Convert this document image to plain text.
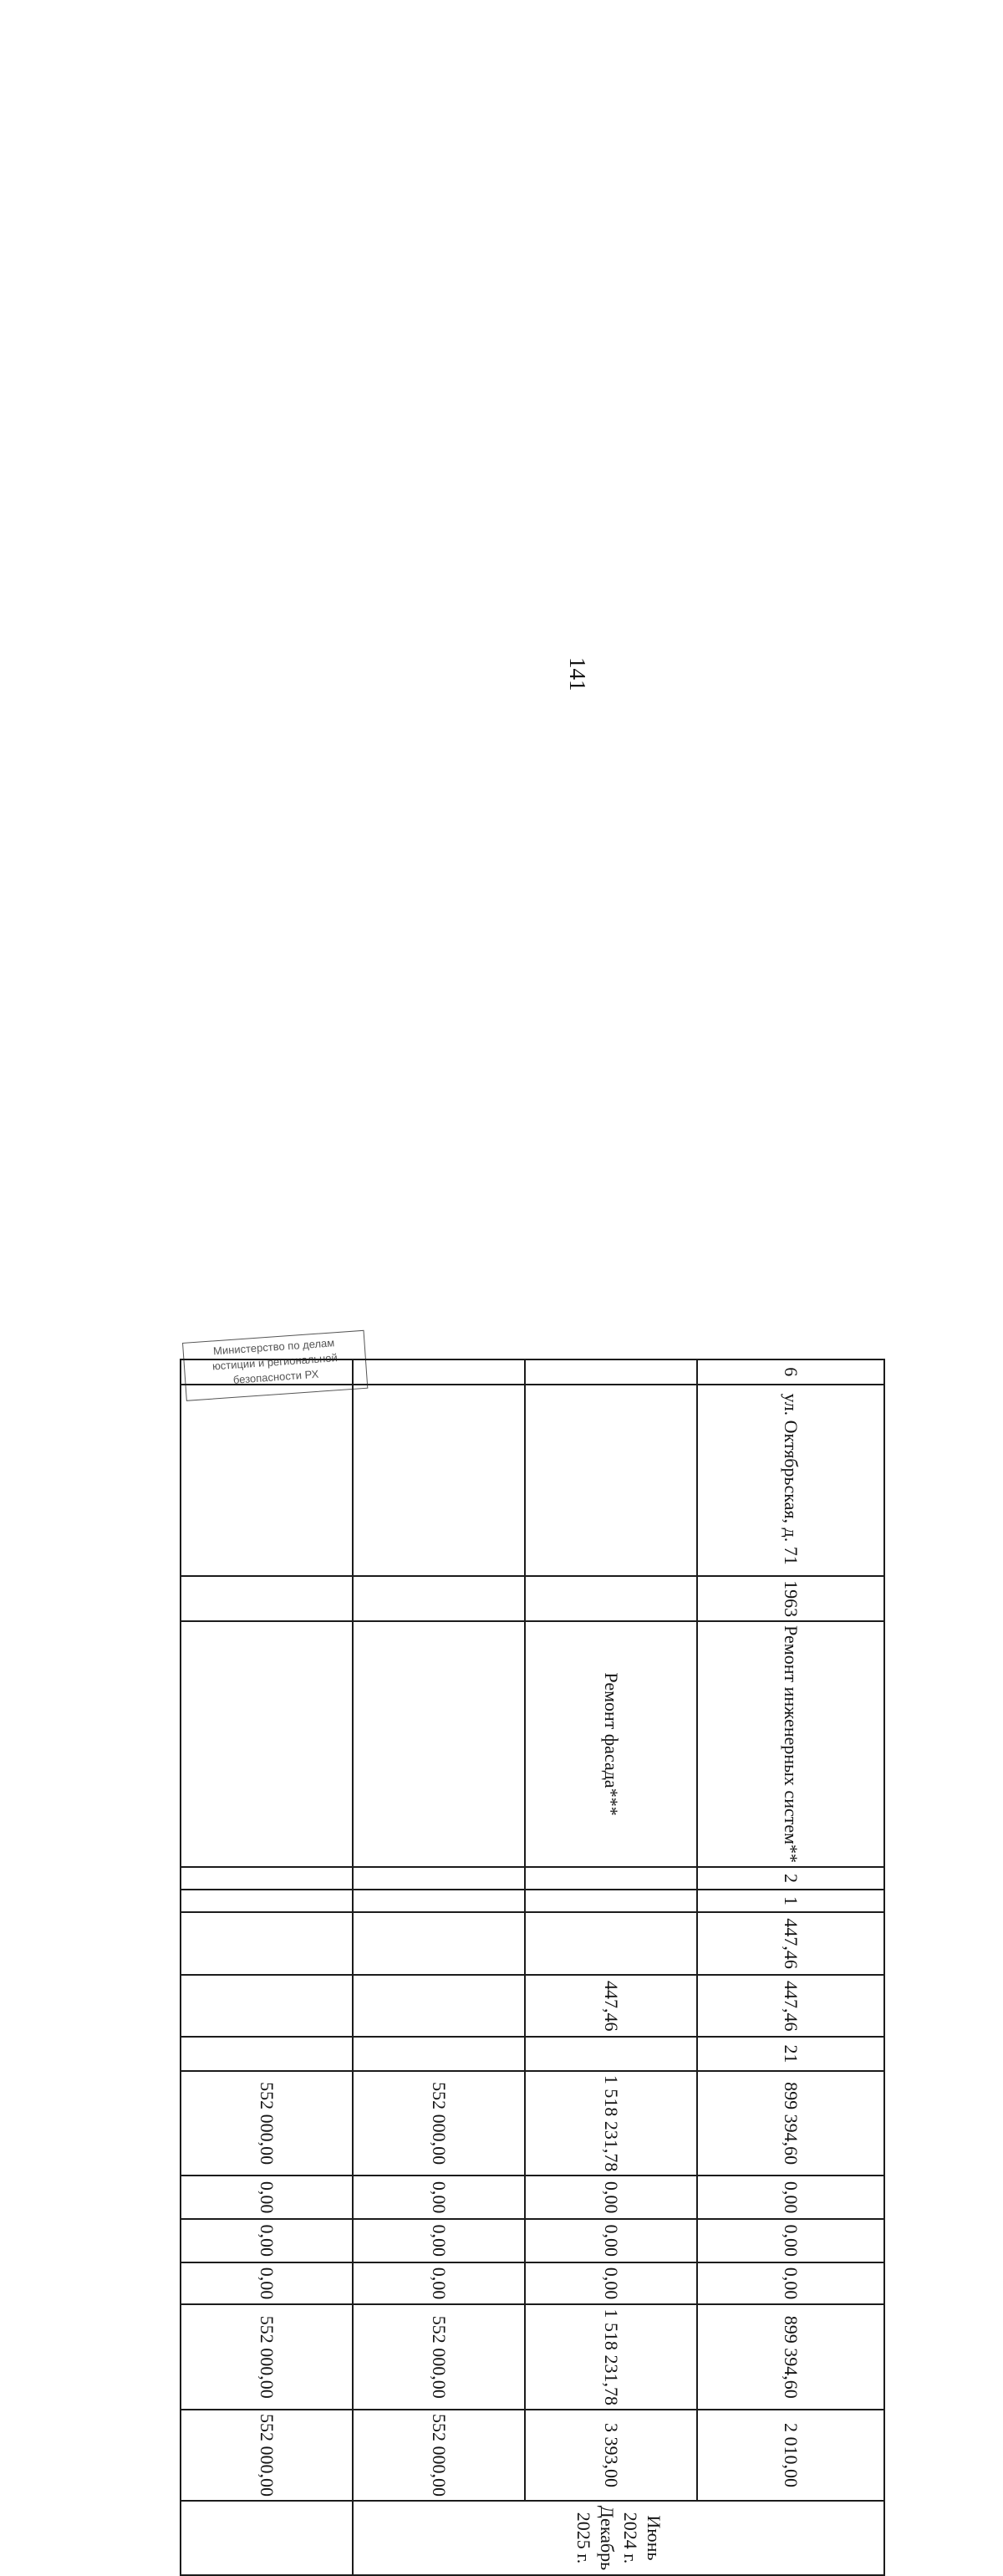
141
Министерство по делам
юстиции и региональной
безопасности РХ	6	ул. Октябрьская, д. 71	1963	Ремонт инженерных систем**	2	1	447,46	447,46	21	899 394,60	0,00	0,00	0,00	899 394,60	2 010,00	Июнь 2024 г.
Декабрь 2025 г.

			Ремонт фасада***				447,46		1 518 231,78	0,00	0,00	0,00	1 518 231,78	3 393,00	
									552 000,00	0,00	0,00	0,00	552 000,00	552 000,00	
									552 000,00	0,00	0,00	0,00	552 000,00	552 000,00	
